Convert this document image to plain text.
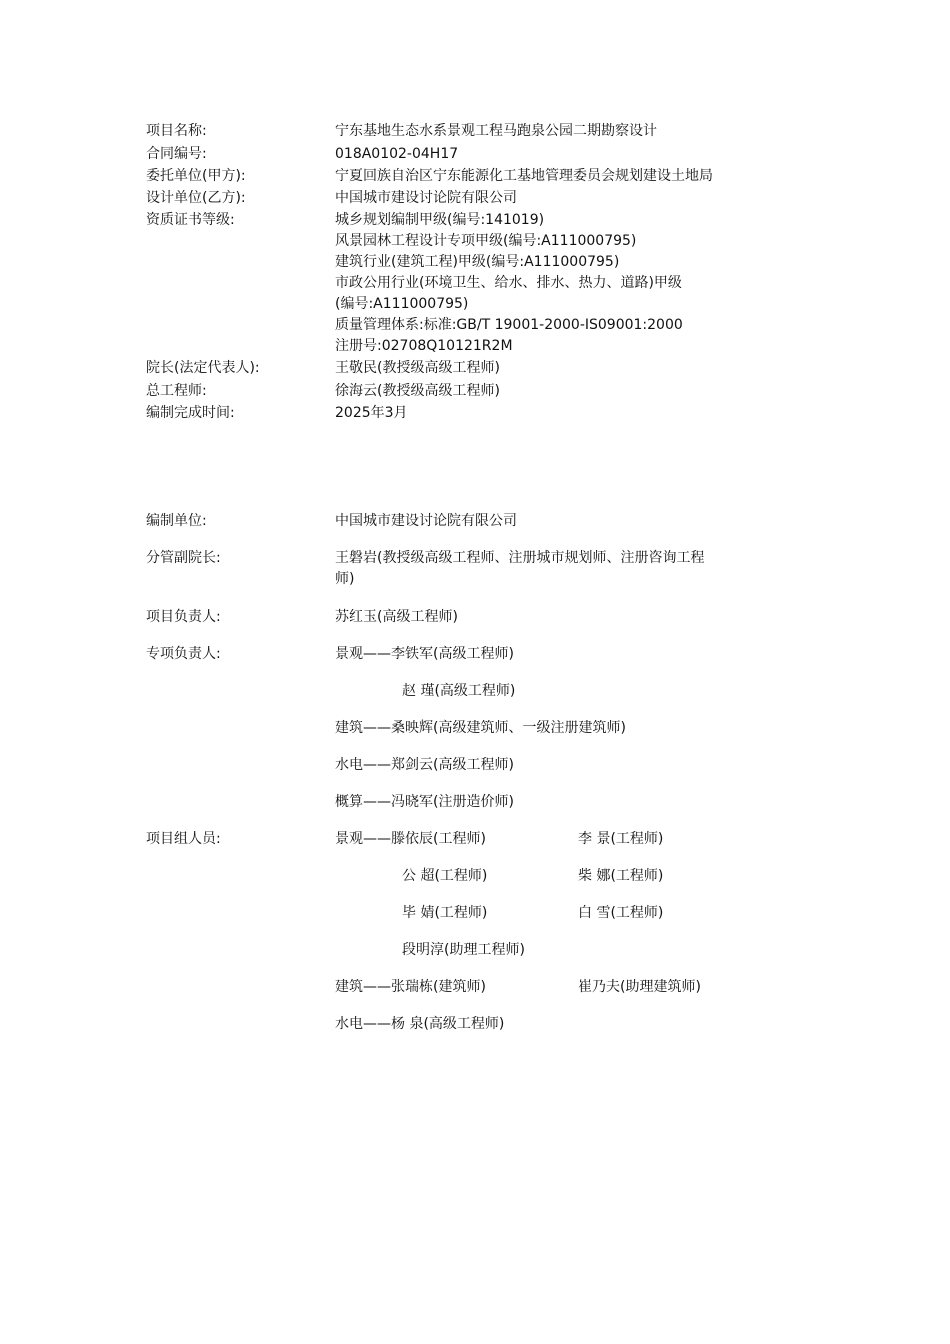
项目名称:	宁东基地生态水系景观工程马跑泉公园二期勘察设计
合同编号:	018A0102-04H17
委托单位(甲方):	宁夏回族自治区宁东能源化工基地管理委员会规划建设土地局
设计单位(乙方):	中国城市建设讨论院有限公司
资质证书等级:	城乡规划编制甲级(编号:141019)
风景园林工程设计专项甲级(编号:A111000795)
建筑行业(建筑工程)甲级(编号:A111000795)
市政公用行业(环境卫生、给水、排水、热力、道路)甲级
(编号:A111000795)
质量管理体系:标准:GB/T 19001-2000-IS09001:2000
注册号:02708Q10121R2M
院长(法定代表人):	王敬民(教授级高级工程师)
总工程师:	徐海云(教授级高级工程师)
编制完成时间:	2025年3月
编制单位:	中国城市建设讨论院有限公司
分管副院长:	王磐岩(教授级高级工程师、注册城市规划师、注册咨询工程
师)
项目负责人:	苏红玉(高级工程师)
专项负责人:	景观——李铁军(高级工程师)
赵 瑾(高级工程师)
建筑——桑映辉(高级建筑师、一级注册建筑师)
水电——郑剑云(高级工程师)
概算——冯晓军(注册造价师)
项目组人员:	景观——滕依辰(工程师)	李 景(工程师)
公 超(工程师)	柴 娜(工程师)
毕 婧(工程师)	白 雪(工程师)
段明淳(助理工程师)
建筑——张瑞栋(建筑师)	崔乃夫(助理建筑师)
水电——杨 泉(高级工程师)
